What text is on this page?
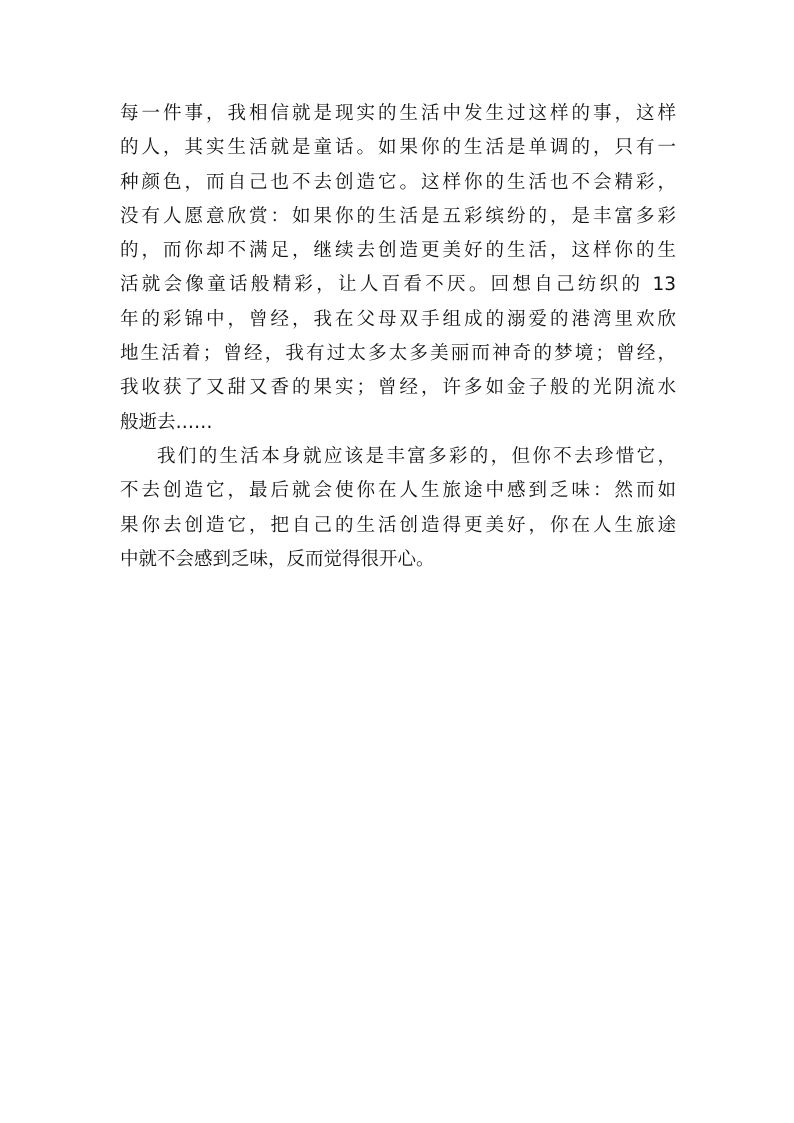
每一件事，我相信就是现实的生活中发生过这样的事，这样
的人，其实生活就是童话。如果你的生活是单调的，只有一
种颜色，而自己也不去创造它。这样你的生活也不会精彩，
没有人愿意欣赏：如果你的生活是五彩缤纷的，是丰富多彩
的，而你却不满足，继续去创造更美好的生活，这样你的生
活就会像童话般精彩，让人百看不厌。回想自己纺织的 13
年的彩锦中，曾经，我在父母双手组成的溺爱的港湾里欢欣
地生活着；曾经，我有过太多太多美丽而神奇的梦境；曾经，
我收获了又甜又香的果实；曾经，许多如金子般的光阴流水
般逝去……
我们的生活本身就应该是丰富多彩的，但你不去珍惜它，
不去创造它，最后就会使你在人生旅途中感到乏味：然而如
果你去创造它，把自己的生活创造得更美好，你在人生旅途
中就不会感到乏味，反而觉得很开心。
